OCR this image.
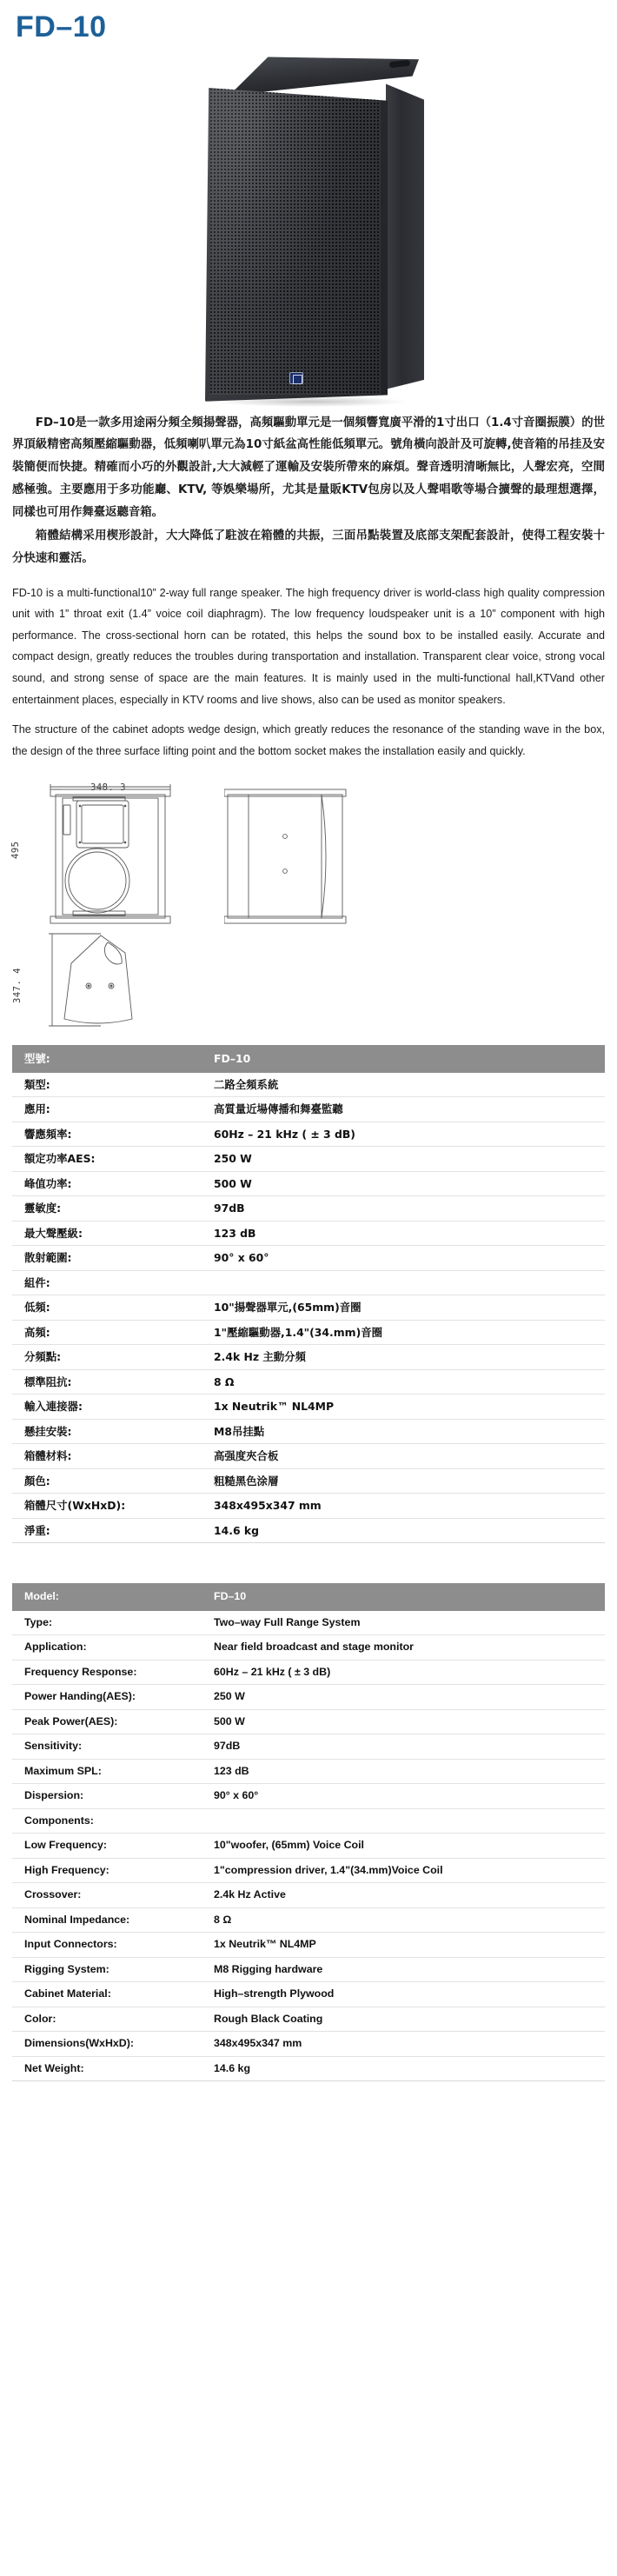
FD–10

FD–10是一款多用途兩分頻全頻揚聲器，高頻驅動單元是一個頻響寬廣平滑的1寸出口（1.4寸音圈振膜）的世界頂級精密高頻壓縮驅動器，低頻喇叭單元為10寸紙盆高性能低頻單元。號角橫向設計及可旋轉,使音箱的吊挂及安裝簡便而快捷。精確而小巧的外觀設計,大大減輕了運輸及安裝所帶來的麻煩。聲音透明清晰無比，人聲宏亮，空間感極強。主要應用于多功能廳、KTV, 等娛樂場所，尤其是量販KTV包房以及人聲唱歌等場合擴聲的最理想選擇，同樣也可用作舞臺返聽音箱。

箱體結構采用楔形設計，大大降低了駐波在箱體的共振，三面吊點裝置及底部支架配套設計，使得工程安裝十分快速和靈活。

FD-10 is a multi-functional10” 2-way full range speaker. The high frequency driver is world-class high quality compression unit with 1” throat exit (1.4” voice coil diaphragm). The low frequency loudspeaker unit is a 10” component with high performance. The cross-sectional horn can be rotated, this helps the sound box to be installed easily. Accurate and compact design, greatly reduces the troubles during transportation and installation. Transparent clear voice, strong vocal sound, and strong sense of space are the main features. It is mainly used in the multi-functional hall,KTVand other entertainment places, especially in KTV rooms and live shows, also can be used as monitor speakers.

The structure of the cabinet adopts wedge design, which greatly reduces the resonance of the standing wave in the box, the design of the three surface lifting point and the bottom socket makes the installation easily and quickly.

348. 3
495
347. 4
型號:	FD–10
類型:	二路全頻系統
應用:	高質量近場傳播和舞臺監聽
響應頻率:	60Hz – 21 kHz ( ± 3 dB)
額定功率AES:	250 W
峰值功率:	500 W
靈敏度:	97dB
最大聲壓級:	123 dB
散射範圍:	90° x 60°
組件:	
低頻:	10"揚聲器單元,(65mm)音圈
高頻:	1"壓縮驅動器,1.4"(34.mm)音圈
分頻點:	2.4k Hz 主動分頻
標準阻抗:	8 Ω
輸入連接器:	1x Neutrik™ NL4MP
懸挂安裝:	M8吊挂點
箱體材料:	高强度夾合板
顏色:	粗糙黑色涂層
箱體尺寸(WxHxD):	348x495x347 mm
淨重:	14.6 kg
Model:	FD–10
Type:	Two–way Full Range System
Application:	Near field broadcast and stage monitor
Frequency Response:	60Hz – 21 kHz ( ± 3 dB)
Power Handing(AES):	250 W
Peak Power(AES):	500 W
Sensitivity:	97dB
Maximum SPL:	123 dB
Dispersion:	90° x 60°
Components:	
Low Frequency:	10"woofer, (65mm) Voice Coil
High Frequency:	1"compression driver, 1.4"(34.mm)Voice Coil
Crossover:	2.4k Hz Active
Nominal Impedance:	8 Ω
Input Connectors:	1x Neutrik™ NL4MP
Rigging System:	M8 Rigging hardware
Cabinet Material:	High–strength Plywood
Color:	Rough Black Coating
Dimensions(WxHxD):	348x495x347 mm
Net Weight:	14.6 kg
